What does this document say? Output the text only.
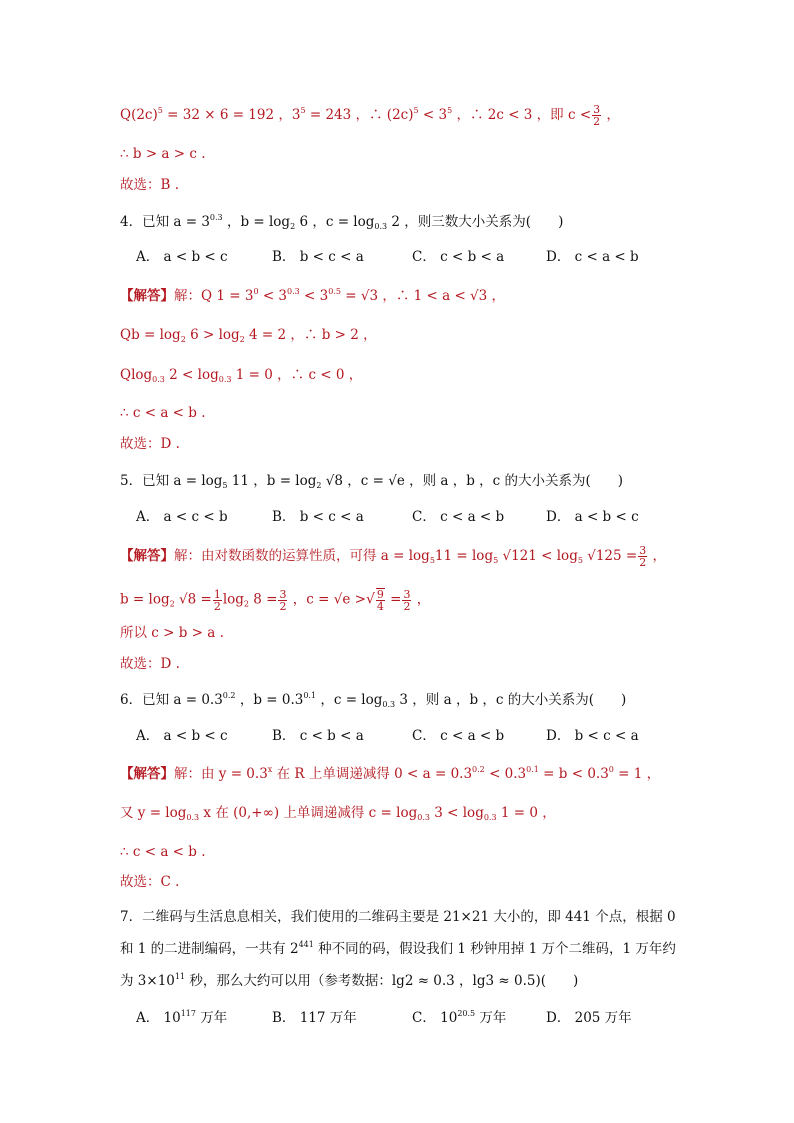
$Q(2c)^5 = 32 \times 6 = 192$ ，$3^5 = 243$ ，∴ $(2c)^5 < 3^5$ ，∴ 2c < 3 ，即 $c < \frac{3}{2}$ ，
∴ b > a > c .
故选：B .
4．已知 $a = 3^{0.3}$ ，$b = \log_2 6$ ，$c = \log_{0.3} 2$ ，则三数大小关系为(　　)
A． a < b < c	B． b < c < a	C． c < b < a	D． c < a < b
【解答】解：Q $1 = 3^0 < 3^{0.3} < 3^{0.5} = √3$ ，∴ 1 < a < √3 ，
$Qb = \log_2 6 > \log_2 4 = 2$ ，∴ b > 2 ，
Qlog$_{0.3}$ $2 < \log_{0.3} 1 = 0$ ，∴ c < 0 ，
∴ c < a < b .
故选：D .
5．已知 $a = \log_5 11$ ，$b = \log_2 √8$ ，c = √e ，则 a ，b ，c 的大小关系为(　　)
A． a < c < b	B． b < c < a	C． c < a < b	D． a < b < c
【解答】解：由对数函数的运算性质，可得 $a = \log_511 = \log_5 √121 < \log_5 √125 = \frac{3}{2}$ ，
$b = \log_2 √8 = \frac{1}{2} \log_2 8 = \frac{3}{2}$ ，c = √e >√ $\frac{9}{4} = \frac{3}{2}$ ，
所以 c > b > a .
故选：D .
6．已知 $a = 0.3^{0.2}$ ，$b = 0.3^{0.1}$ ，$c = \log_{0.3} 3$ ，则 a ，b ，c 的大小关系为(　　)
A． a < b < c	B． c < b < a	C． c < a < b	D． b < c < a
【解答】解：由 $y = 0.3^x$ 在 R 上单调递减得 $0 < a = 0.3^{0.2} < 0.3^{0.1} = b < 0.3^0 = 1$ ，
又 $y = \log_{0.3} x$ 在 (0,+∞) 上单调递减得 $c = \log_{0.3} 3 < \log_{0.3} 1 = 0$ ，
∴ c < a < b .
故选：C .
7．二维码与生活息息相关，我们使用的二维码主要是 21×21 大小的，即 441 个点，根据 0
和 1 的二进制编码，一共有 $2^{441}$ 种不同的码，假设我们 1 秒钟用掉 1 万个二维码，1 万年约
为 $3\times 10^{11}$ 秒，那么大约可以用（参考数据：lg2 ≈ 0.3 ，lg3 ≈ 0.5)(　　)
A． $10^{117}$ 万年	B． 117 万年	C． $10^{20.5}$ 万年	D． 205 万年
